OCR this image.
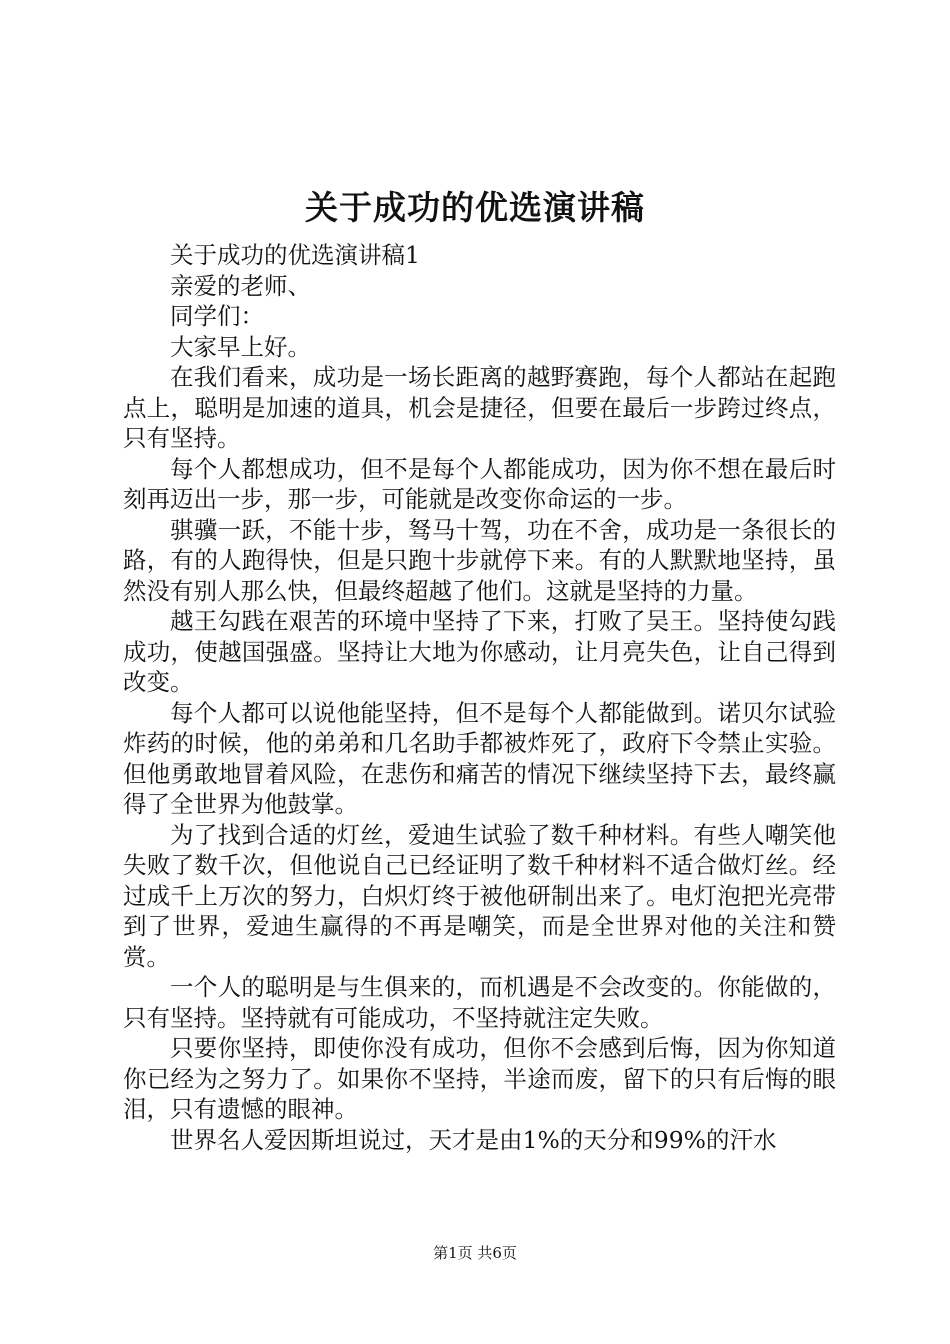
关于成功的优选演讲稿

关于成功的优选演讲稿1

亲爱的老师、

同学们：

大家早上好。

在我们看来，成功是一场长距离的越野赛跑，每个人都站在起跑点上，聪明是加速的道具，机会是捷径，但要在最后一步跨过终点，只有坚持。

每个人都想成功，但不是每个人都能成功，因为你不想在最后时刻再迈出一步，那一步，可能就是改变你命运的一步。

骐骥一跃，不能十步，驽马十驾，功在不舍，成功是一条很长的路，有的人跑得快，但是只跑十步就停下来。有的人默默地坚持，虽然没有别人那么快，但最终超越了他们。这就是坚持的力量。

越王勾践在艰苦的环境中坚持了下来，打败了吴王。坚持使勾践成功，使越国强盛。坚持让大地为你感动，让月亮失色，让自己得到改变。

每个人都可以说他能坚持，但不是每个人都能做到。诺贝尔试验炸药的时候，他的弟弟和几名助手都被炸死了，政府下令禁止实验。但他勇敢地冒着风险，在悲伤和痛苦的情况下继续坚持下去，最终赢得了全世界为他鼓掌。

为了找到合适的灯丝，爱迪生试验了数千种材料。有些人嘲笑他失败了数千次，但他说自己已经证明了数千种材料不适合做灯丝。经过成千上万次的努力，白炽灯终于被他研制出来了。电灯泡把光亮带到了世界，爱迪生赢得的不再是嘲笑，而是全世界对他的关注和赞赏。

一个人的聪明是与生俱来的，而机遇是不会改变的。你能做的，只有坚持。坚持就有可能成功，不坚持就注定失败。

只要你坚持，即使你没有成功，但你不会感到后悔，因为你知道你已经为之努力了。如果你不坚持，半途而废，留下的只有后悔的眼泪，只有遗憾的眼神。

世界名人爱因斯坦说过，天才是由1%的天分和99%的汗水

第1页 共6页
